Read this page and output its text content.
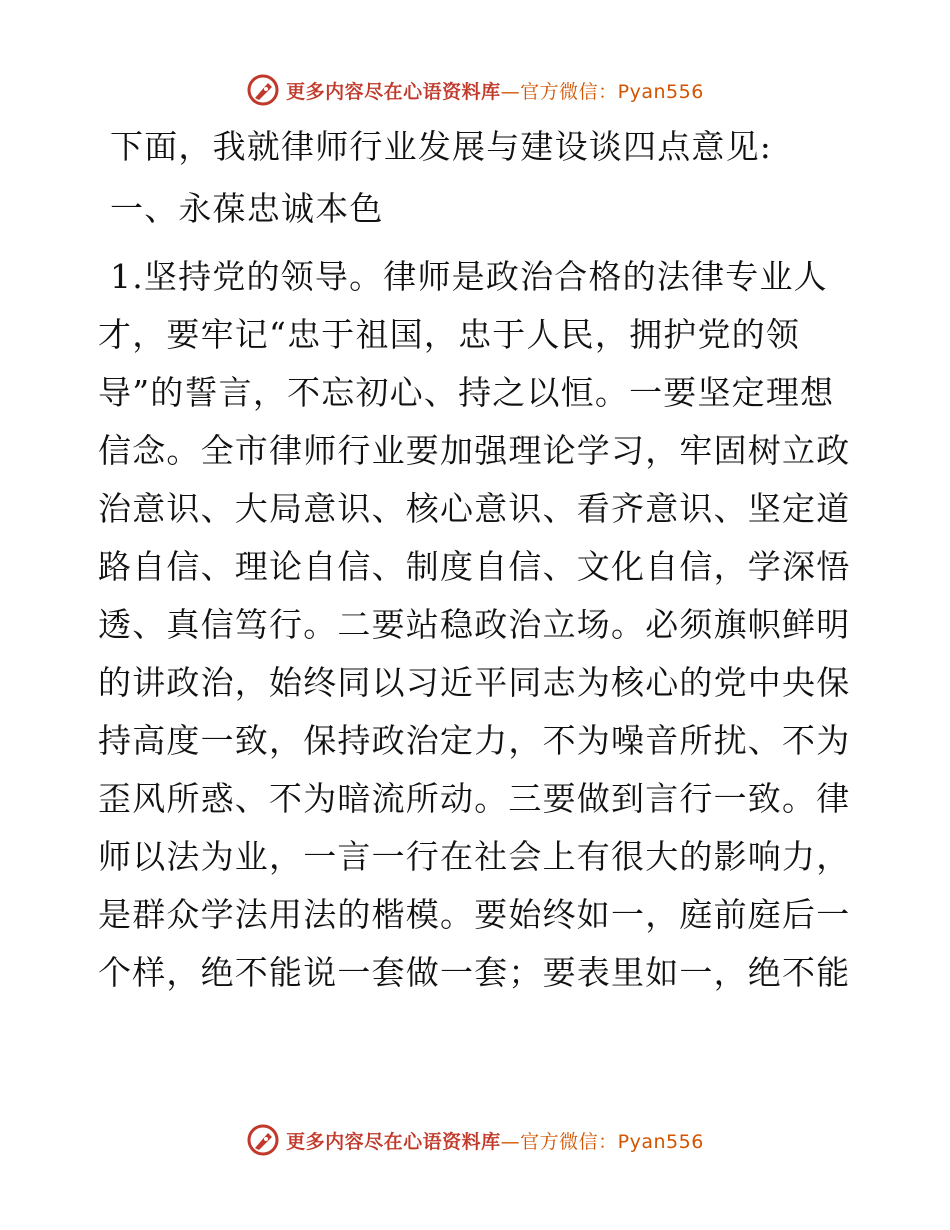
更多内容尽在心语资料库—官方微信：Pyan556
下面，我就律师行业发展与建设谈四点意见:
一、永葆忠诚本色
1.坚持党的领导。律师是政治合格的法律专业人
才，要牢记“忠于祖国，忠于人民，拥护党的领
导”的誓言，不忘初心、持之以恒。一要坚定理想
信念。全市律师行业要加强理论学习，牢固树立政
治意识、大局意识、核心意识、看齐意识、坚定道
路自信、理论自信、制度自信、文化自信，学深悟
透、真信笃行。二要站稳政治立场。必须旗帜鲜明
的讲政治，始终同以习近平同志为核心的党中央保
持高度一致，保持政治定力，不为噪音所扰、不为
歪风所惑、不为暗流所动。三要做到言行一致。律
师以法为业，一言一行在社会上有很大的影响力，
是群众学法用法的楷模。要始终如一，庭前庭后一
个样，绝不能说一套做一套；要表里如一，绝不能
更多内容尽在心语资料库—官方微信：Pyan556
